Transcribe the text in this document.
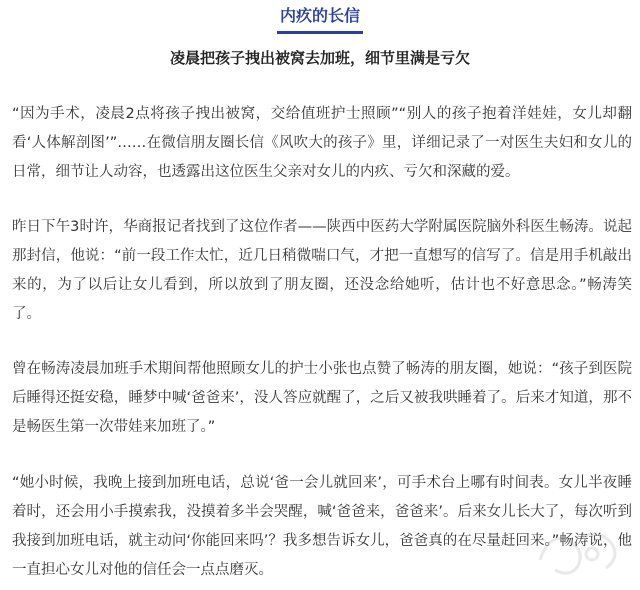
内疚的长信
凌晨把孩子拽出被窝去加班，细节里满是亏欠

“因为手术，凌晨2点将孩子拽出被窝，交给值班护士照顾”“别人的孩子抱着洋娃娃，女儿却翻看‘人体解剖图’”……在微信朋友圈长信《风吹大的孩子》里，详细记录了一对医生夫妇和女儿的日常，细节让人动容，也透露出这位医生父亲对女儿的内疚、亏欠和深藏的爱。

昨日下午3时许，华商报记者找到了这位作者——陕西中医药大学附属医院脑外科医生畅涛。说起那封信，他说：“前一段工作太忙，近几日稍微喘口气，才把一直想写的信写了。信是用手机敲出来的，为了以后让女儿看到，所以放到了朋友圈，还没念给她听，估计也不好意思念。”畅涛笑了。

曾在畅涛凌晨加班手术期间帮他照顾女儿的护士小张也点赞了畅涛的朋友圈，她说：“孩子到医院后睡得还挺安稳，睡梦中喊‘爸爸来’，没人答应就醒了，之后又被我哄睡着了。后来才知道，那不是畅医生第一次带娃来加班了。”

“她小时候，我晚上接到加班电话，总说‘爸一会儿就回来’，可手术台上哪有时间表。女儿半夜睡着时，还会用小手摸索我，没摸着多半会哭醒，喊‘爸爸来，爸爸来’。后来女儿长大了，每次听到我接到加班电话，就主动问‘你能回来吗’？我多想告诉女儿，爸爸真的在尽量赶回来。”畅涛说，他一直担心女儿对他的信任会一点点磨灭。
